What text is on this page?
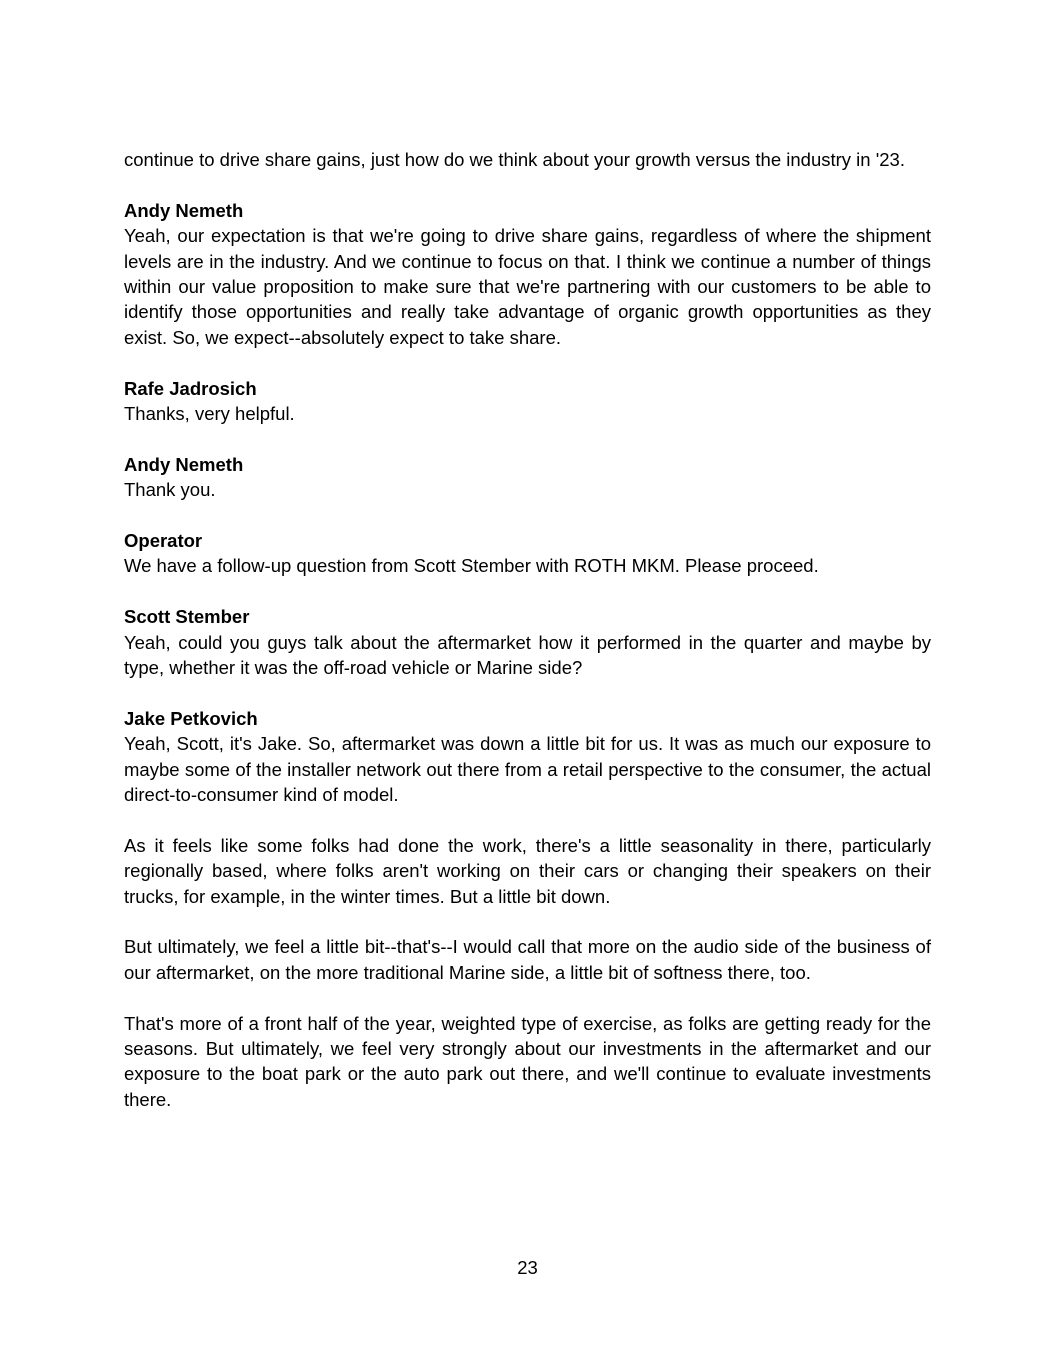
continue to drive share gains, just how do we think about your growth versus the industry in '23.

Andy Nemeth

Yeah, our expectation is that we're going to drive share gains, regardless of where the shipment levels are in the industry. And we continue to focus on that. I think we continue a number of things within our value proposition to make sure that we're partnering with our customers to be able to identify those opportunities and really take advantage of organic growth opportunities as they exist. So, we expect--absolutely expect to take share.

Rafe Jadrosich

Thanks, very helpful.

Andy Nemeth

Thank you.

Operator

We have a follow-up question from Scott Stember with ROTH MKM. Please proceed.

Scott Stember

Yeah, could you guys talk about the aftermarket how it performed in the quarter and maybe by type, whether it was the off-road vehicle or Marine side?

Jake Petkovich

Yeah, Scott, it's Jake. So, aftermarket was down a little bit for us. It was as much our exposure to maybe some of the installer network out there from a retail perspective to the consumer, the actual direct-to-consumer kind of model.

As it feels like some folks had done the work, there's a little seasonality in there, particularly regionally based, where folks aren't working on their cars or changing their speakers on their trucks, for example, in the winter times. But a little bit down.

But ultimately, we feel a little bit--that's--I would call that more on the audio side of the business of our aftermarket, on the more traditional Marine side, a little bit of softness there, too.

That's more of a front half of the year, weighted type of exercise, as folks are getting ready for the seasons. But ultimately, we feel very strongly about our investments in the aftermarket and our exposure to the boat park or the auto park out there, and we'll continue to evaluate investments there.

23
